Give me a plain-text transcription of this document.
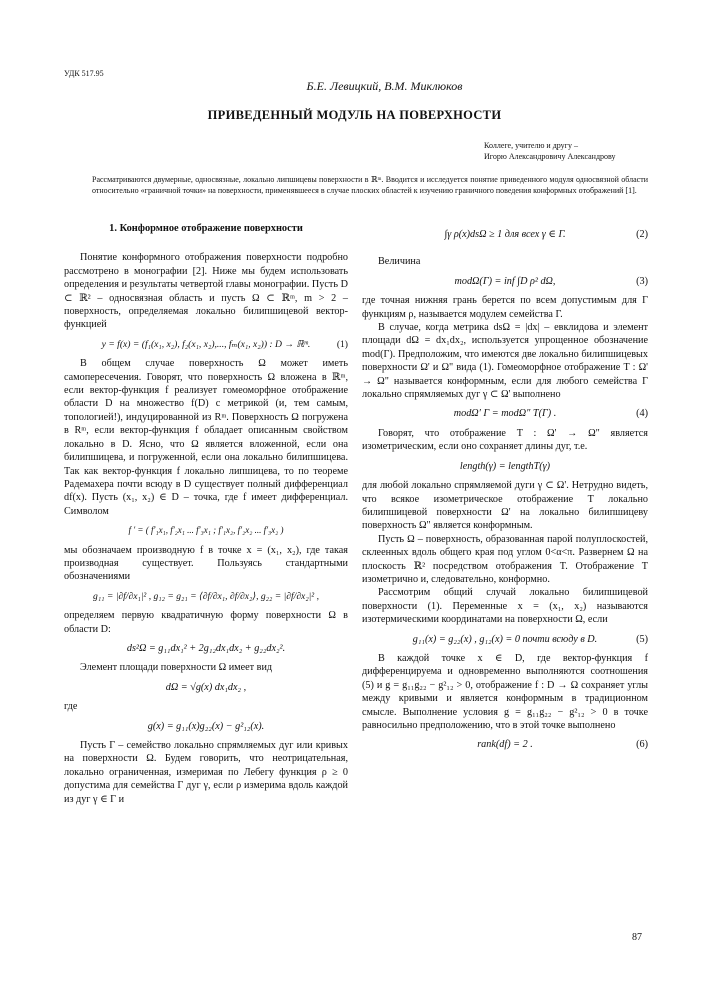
УДК 517.95
Б.Е. Левицкий, В.М. Миклюков
ПРИВЕДЕННЫЙ МОДУЛЬ НА ПОВЕРХНОСТИ
Коллеге, учителю и другу –
Игорю Александровичу Александрову
Рассматриваются двумерные, односвязные, локально липшицевы поверхности в ℝᵐ. Вводится и исследуется понятие приведенного модуля односвязной области относительно «граничной точки» на поверхности, применявшееся в случае плоских областей к изучению граничного поведения конформных отображений [1].
1. Конформное отображение поверхности

Понятие конформного отображения поверхности подробно рассмотрено в монографии [2]. Ниже мы будем использовать определения и результаты четвертой главы монографии. Пусть D ⊂ ℝ² – односвязная область и пусть Ω ⊂ ℝᵐ, m > 2 – поверхность, определяемая локально билипшицевой вектор-функцией

y = f(x) = (f₁(x₁, x₂), f₂(x₁, x₂),..., fₘ(x₁, x₂)) : D → ℝᵐ.	(1)

В общем случае поверхность Ω может иметь самопересечения. Говорят, что поверхность Ω вложена в ℝᵐ, если вектор-функция f реализует гомеоморфное отображение области D на множество f(D) с метрикой (и, тем самым, топологией!), индуцированной из Rᵐ. Поверхность Ω погружена в Rᵐ, если вектор-функция f обладает описанным свойством локально в D. Ясно, что Ω является вложенной, если она билипшицева, и погруженной, если она локально билипшицева. Так как вектор-функция f локально липшицева, то по теореме Радемахера почти всюду в D существует полный дифференциал df(x). Пусть (x₁, x₂) ∈ D – точка, где f имеет дифференциал. Символом

f ′ = ( f′₁x₁, f′₂x₁ ... f′₃x₁ ; f′₁x₂, f′₂x₂ ... f′₃x₂ )

мы обозначаем производную f в точке x = (x₁, x₂), где такая производная существует. Пользуясь стандартными обозначениями

g₁₁ = |∂f/∂x₁|² , g₁₂ = g₂₁ = ⟨∂f/∂x₁, ∂f/∂x₂⟩, g₂₂ = |∂f/∂x₂|² ,

определяем первую квадратичную форму поверхности Ω в области D:

ds²Ω = g₁₁dx₁² + 2g₁₂dx₁dx₂ + g₂₂dx₂².

Элемент площади поверхности Ω имеет вид

dΩ = √g(x) dx₁dx₂ ,

где

g(x) = g₁₁(x)g₂₂(x) − g²₁₂(x).

Пусть Γ – семейство локально спрямляемых дуг или кривых на поверхности Ω. Будем говорить, что неотрицательная, локально ограниченная, измеримая по Лебегу функция ρ ≥ 0 допустима для семейства Γ дуг γ, если ρ измерима вдоль каждой из дуг γ ∈ Γ и

∫γ ρ(x)dsΩ ≥ 1 для всех γ ∈ Γ.	(2)

Величина

modΩ(Γ) = inf ∫D ρ² dΩ,	(3)

где точная нижняя грань берется по всем допустимым для Γ функциям ρ, называется модулем семейства Γ.

В случае, когда метрика dsΩ = |dx| – евклидова и элемент площади dΩ = dx₁dx₂, используется упрощенное обозначение mod(Γ). Предположим, что имеются две локально билипшицевых поверхности Ω' и Ω" вида (1). Гомеоморфное отображение T : Ω' → Ω" называется конформным, если для любого семейства Γ локально спрямляемых дуг γ ⊂ Ω' выполнено

modΩ′ Γ = modΩ″ T(Γ) .	(4)

Говорят, что отображение T : Ω' → Ω" является изометрическим, если оно сохраняет длины дуг, т.е.

length(γ) = lengthT(γ)

для любой локально спрямляемой дуги γ ⊂ Ω'. Нетрудно видеть, что всякое изометрическое отображение T локально билипшицевой поверхности Ω' на локально билипшицеву поверхность Ω" является конформным.

Пусть Ω – поверхность, образованная парой полуплоскостей, склеенных вдоль общего края под углом 0<α<π. Развернем Ω на плоскость ℝ² посредством отображения T. Отображение T изометрично и, следовательно, конформно.

Рассмотрим общий случай локально билипшицевой поверхности (1). Переменные x = (x₁, x₂) называются изотермическими координатами на поверхности Ω, если

g₁₁(x) = g₂₂(x) , g₁₂(x) = 0 почти всюду в D.	(5)

В каждой точке x ∈ D, где вектор-функция f дифференцируема и одновременно выполняются соотношения (5) и g = g₁₁g₂₂ − g²₁₂ > 0, отображение f : D → Ω сохраняет углы между кривыми и является конформным в традиционном смысле. Выполнение условия g = g₁₁g₂₂ − g²₁₂ > 0 в точке равносильно предположению, что в этой точке выполнено

rank(df) = 2 .	(6)
87
